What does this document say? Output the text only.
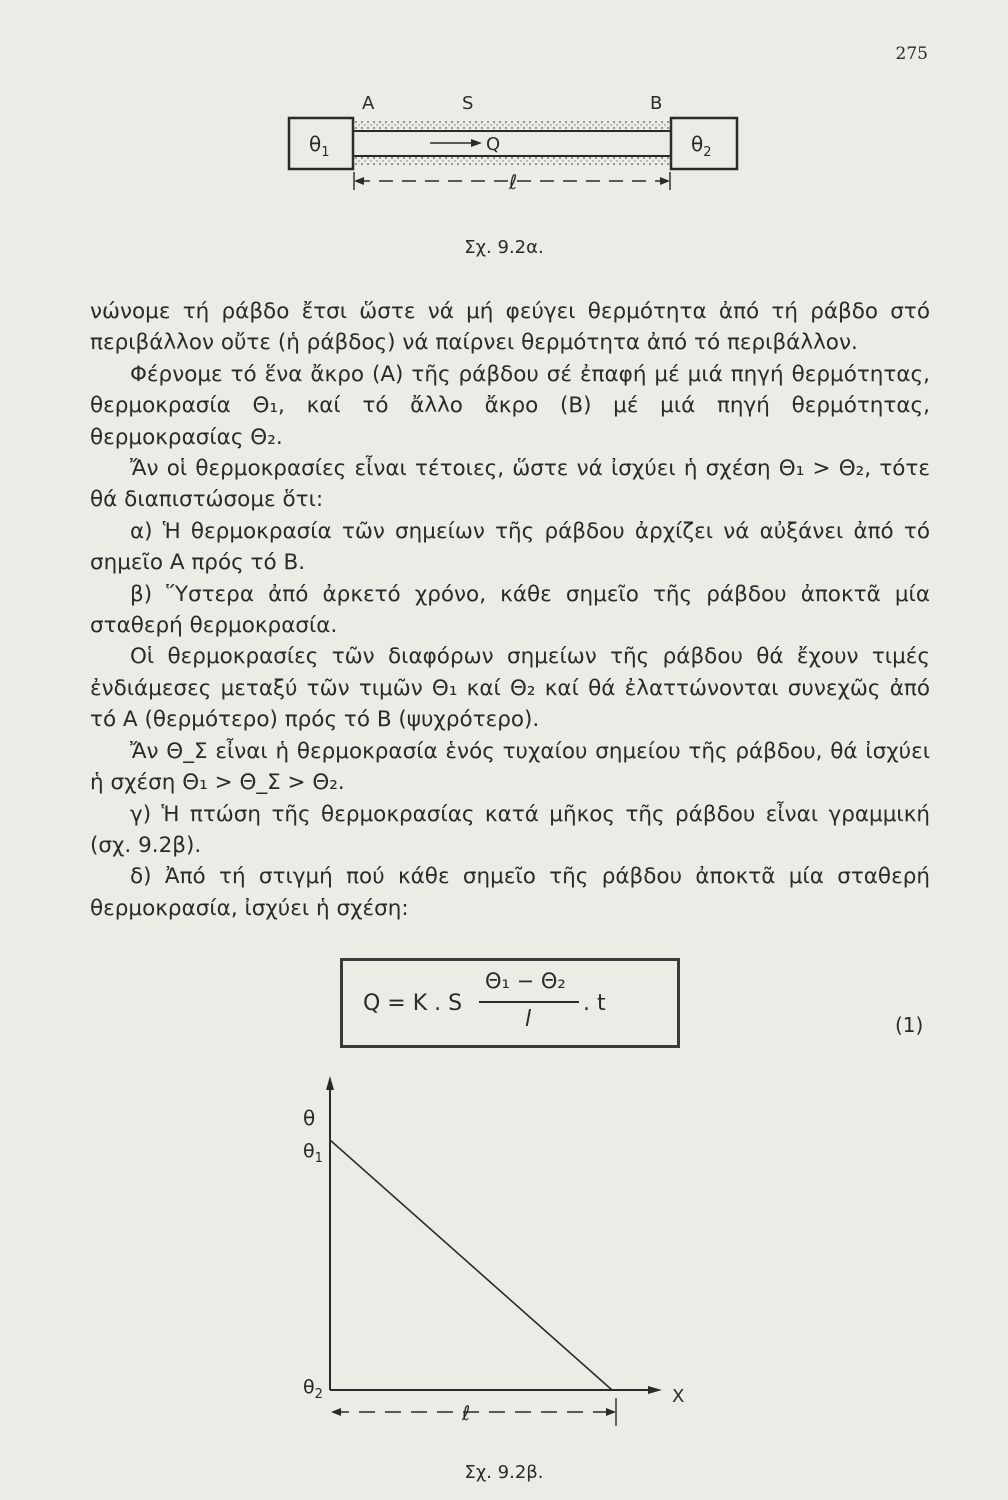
275
A	S	B
$\theta_1$	$\theta_2$
Q
ℓ
Σχ. 9.2α.

νώνομε τή ράβδο ἔτσι ὥστε νά μή φεύγει θερμότητα ἀπό τή ράβδο στό περιβάλλον οὔτε (ἡ ράβδος) νά παίρνει θερμότητα ἀπό τό περιβάλλον.

Φέρνομε τό ἕνα ἄκρο (Α) τῆς ράβδου σέ ἐπαφή μέ μιά πηγή θερμότητας, θερμοκρασία Θ₁, καί τό ἄλλο ἄκρο (Β) μέ μιά πηγή θερμότητας, θερμοκρασίας Θ₂.

Ἄν οἱ θερμοκρασίες εἶναι τέτοιες, ὥστε νά ἰσχύει ἡ σχέση Θ₁ > Θ₂, τότε θά διαπιστώσομε ὅτι:

α) Ἡ θερμοκρασία τῶν σημείων τῆς ράβδου ἀρχίζει νά αὐξάνει ἀπό τό σημεῖο Α πρός τό Β.

β) Ὕστερα ἀπό ἀρκετό χρόνο, κάθε σημεῖο τῆς ράβδου ἀποκτᾶ μία σταθερή θερμοκρασία.

Οἱ θερμοκρασίες τῶν διαφόρων σημείων τῆς ράβδου θά ἔχουν τιμές ἐνδιάμεσες μεταξύ τῶν τιμῶν Θ₁ καί Θ₂ καί θά ἐλαττώνονται συνεχῶς ἀπό τό Α (θερμότερο) πρός τό Β (ψυχρότερο).

Ἄν Θ_Σ εἶναι ἡ θερμοκρασία ἑνός τυχαίου σημείου τῆς ράβδου, θά ἰσχύει ἡ σχέση Θ₁ > Θ_Σ > Θ₂.

γ) Ἡ πτώση τῆς θερμοκρασίας κατά μῆκος τῆς ράβδου εἶναι γραμμική (σχ. 9.2β).

δ) Ἀπό τή στιγμή πού κάθε σημεῖο τῆς ράβδου ἀποκτᾶ μία σταθερή θερμοκρασία, ἰσχύει ἡ σχέση:

Q = K . S
Θ₁ − Θ₂
l
. t
(1)
θ
X
$\theta_1$
$\theta_2$
ℓ
Σχ. 9.2β.
